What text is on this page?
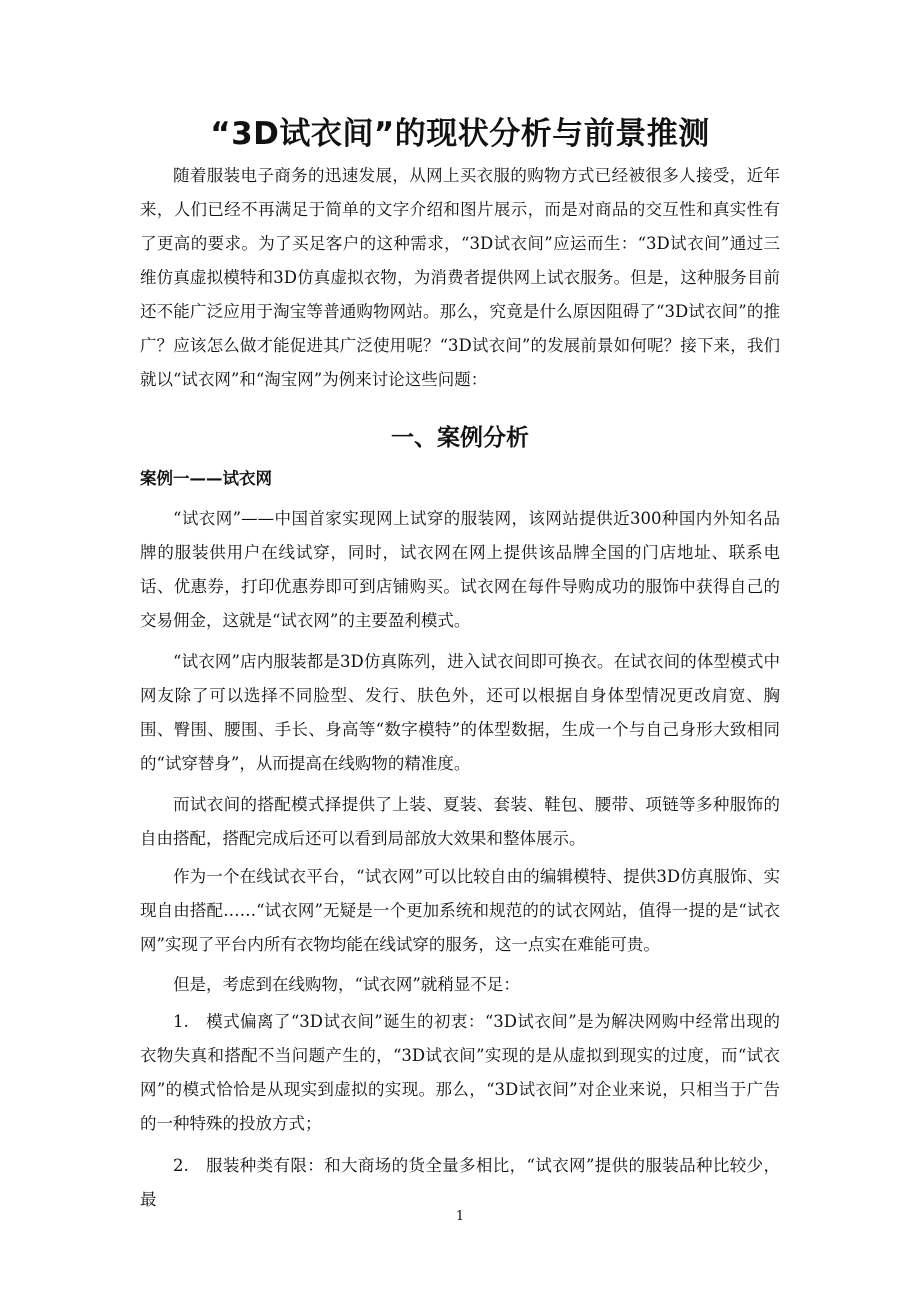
“3D试衣间”的现状分析与前景推测

随着服装电子商务的迅速发展，从网上买衣服的购物方式已经被很多人接受，近年来，人们已经不再满足于简单的文字介绍和图片展示，而是对商品的交互性和真实性有了更高的要求。为了买足客户的这种需求，“3D试衣间”应运而生：“3D试衣间”通过三维仿真虚拟模特和3D仿真虚拟衣物，为消费者提供网上试衣服务。但是，这种服务目前还不能广泛应用于淘宝等普通购物网站。那么，究竟是什么原因阻碍了“3D试衣间”的推广？应该怎么做才能促进其广泛使用呢？“3D试衣间”的发展前景如何呢？接下来，我们就以“试衣网”和“淘宝网”为例来讨论这些问题：

一、案例分析
案例一——试衣网

“试衣网”——中国首家实现网上试穿的服装网，该网站提供近300种国内外知名品牌的服装供用户在线试穿，同时，试衣网在网上提供该品牌全国的门店地址、联系电话、优惠券，打印优惠券即可到店铺购买。试衣网在每件导购成功的服饰中获得自己的交易佣金，这就是“试衣网”的主要盈利模式。

“试衣网”店内服装都是3D仿真陈列，进入试衣间即可换衣。在试衣间的体型模式中网友除了可以选择不同脸型、发行、肤色外，还可以根据自身体型情况更改肩宽、胸围、臀围、腰围、手长、身高等“数字模特”的体型数据，生成一个与自己身形大致相同的“试穿替身”，从而提高在线购物的精准度。

而试衣间的搭配模式择提供了上装、夏装、套装、鞋包、腰带、项链等多种服饰的自由搭配，搭配完成后还可以看到局部放大效果和整体展示。

作为一个在线试衣平台，“试衣网”可以比较自由的编辑模特、提供3D仿真服饰、实现自由搭配……“试衣网”无疑是一个更加系统和规范的的试衣网站，值得一提的是“试衣网”实现了平台内所有衣物均能在线试穿的服务，这一点实在难能可贵。

但是，考虑到在线购物，“试衣网”就稍显不足：

1.　模式偏离了“3D试衣间”诞生的初衷：“3D试衣间”是为解决网购中经常出现的衣物失真和搭配不当问题产生的，“3D试衣间”实现的是从虚拟到现实的过度，而“试衣网”的模式恰恰是从现实到虚拟的实现。那么，“3D试衣间”对企业来说，只相当于广告的一种特殊的投放方式；

2.　服装种类有限：和大商场的货全量多相比，“试衣网”提供的服装品种比较少，最

1
